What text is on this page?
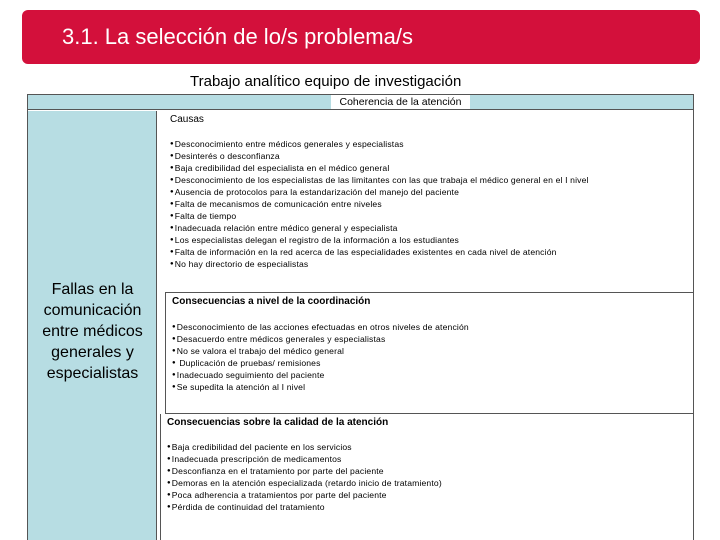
3.1. La selección de lo/s problema/s
Trabajo analítico equipo de investigación
Coherencia de la atención
Fallas en la comunicación entre médicos generales y especialistas
Causas
● Desconocimiento entre médicos generales y especialistas
● Desinterés o desconfianza
● Baja credibilidad del especialista en el médico general
● Desconocimiento de los especialistas de las limitantes con las que trabaja el médico general en el I nivel
● Ausencia de protocolos para la estandarización del manejo del paciente
● Falta de mecanismos de comunicación entre niveles
● Falta de tiempo
● Inadecuada relación entre médico general y especialista
● Los especialistas delegan el registro de la información a los estudiantes
● Falta de información en la red acerca de las especialidades existentes en cada nivel de atención
● No hay directorio de especialistas
Consecuencias a nivel de la coordinación
● Desconocimiento de las acciones efectuadas en otros niveles de atención
● Desacuerdo entre médicos generales y especialistas
● No se valora el trabajo del médico general
● Duplicación de pruebas/ remisiones
● Inadecuado seguimiento del paciente
● Se supedita la atención al I nivel
Consecuencias sobre la calidad de la atención
● Baja credibilidad del paciente en los servicios
● Inadecuada prescripción de medicamentos
● Desconfianza en el tratamiento por parte del paciente
● Demoras en la atención especializada (retardo inicio de tratamiento)
● Poca adherencia a tratamientos por parte del paciente
● Pérdida de continuidad del tratamiento
